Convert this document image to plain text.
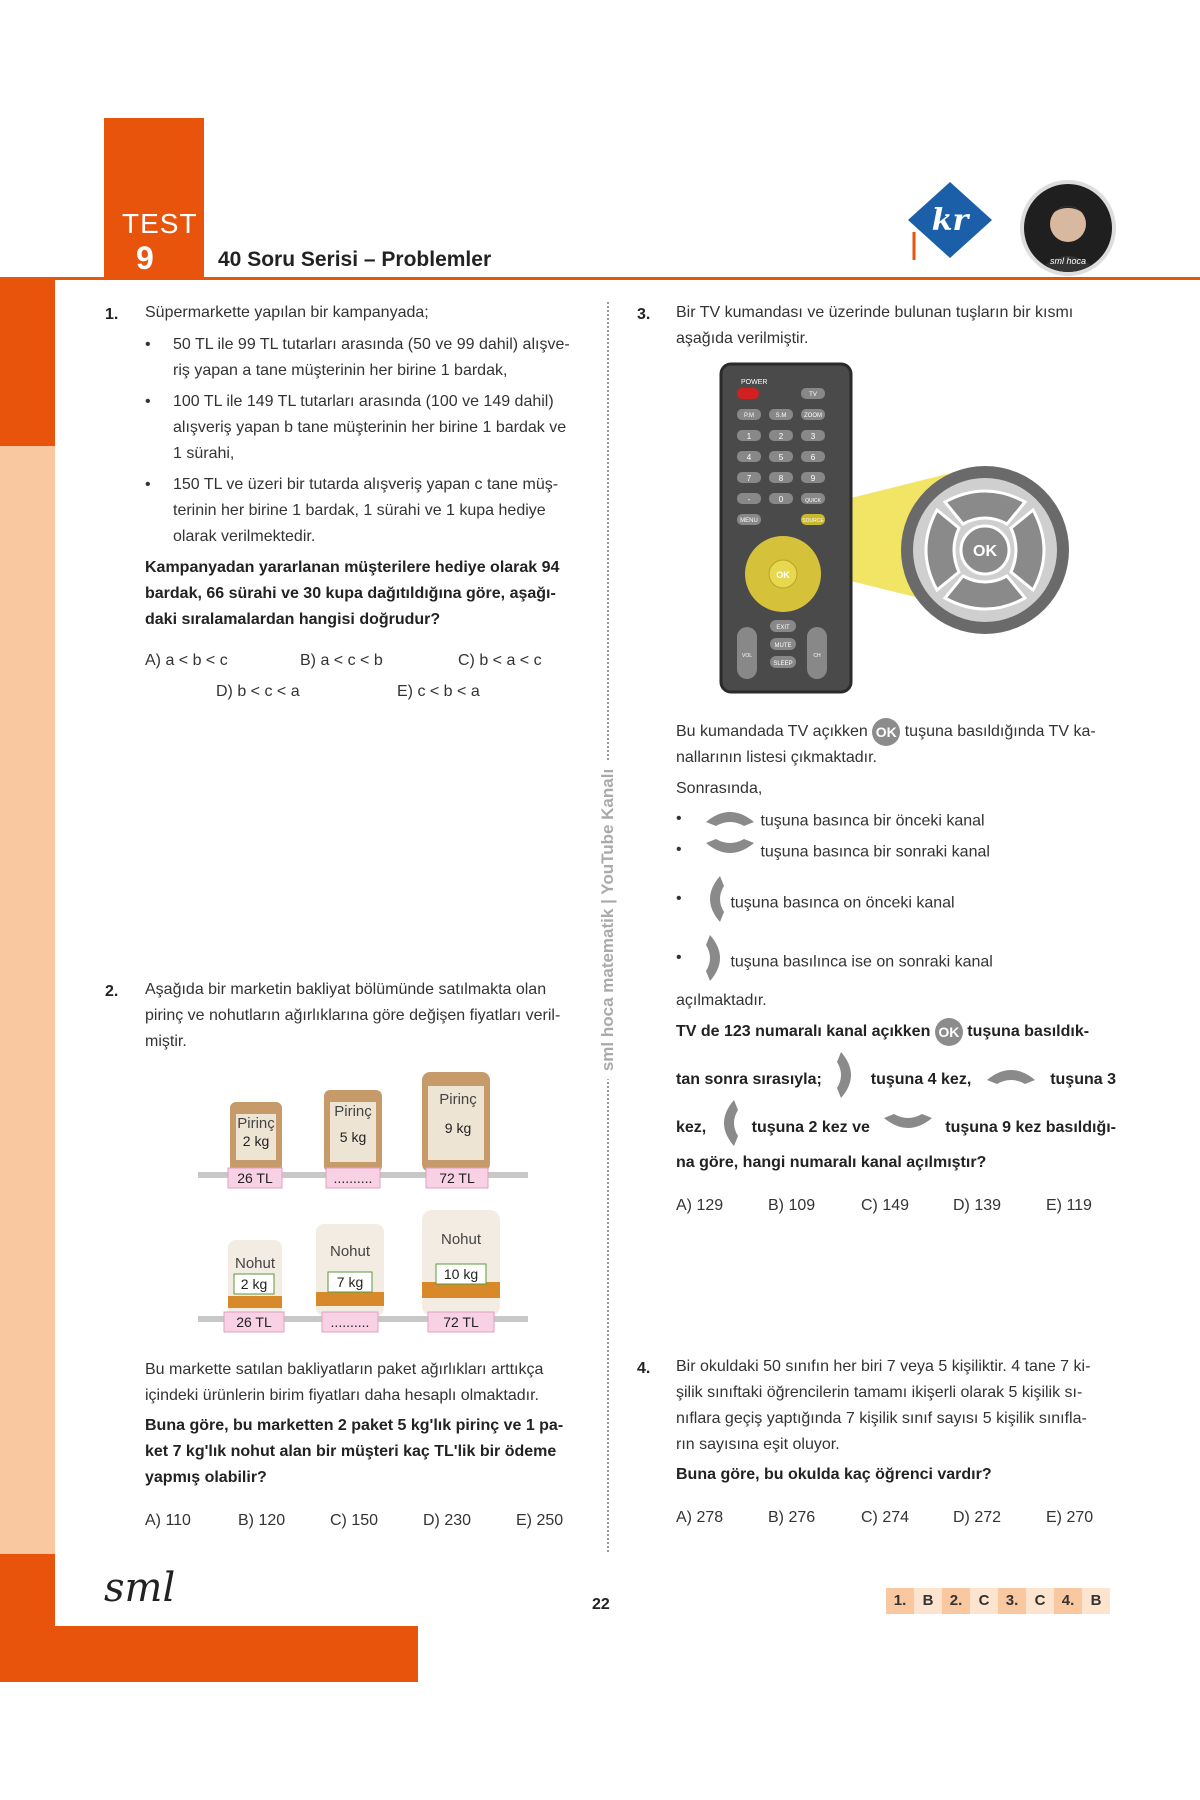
TEST
9	40 Soru Serisi – Problemler
kr
sml hoca
sml hoca matematik | YouTube Kanalı
1. Süpermarkette yapılan bir kampanyada;
• 50 TL ile 99 TL tutarları arasında (50 ve 99 dahil) alışve-
riş yapan a tane müşterinin her birine 1 bardak,
• 100 TL ile 149 TL tutarları arasında (100 ve 149 dahil)
alışveriş yapan b tane müşterinin her birine 1 bardak ve
1 sürahi,
• 150 TL ve üzeri bir tutarda alışveriş yapan c tane müş-
terinin her birine 1 bardak, 1 sürahi ve 1 kupa hediye
olarak verilmektedir.
Kampanyadan yararlanan müşterilere hediye olarak 94
bardak, 66 sürahi ve 30 kupa dağıtıldığına göre, aşağı-
daki sıralamalardan hangisi doğrudur?
A) a < b < c	B) a < c < b	C) b < a < c
D) b < c < a	E) c < b < a
2. Aşağıda bir marketin bakliyat bölümünde satılmakta olan
pirinç ve nohutların ağırlıklarına göre değişen fiyatları veril-
miştir.
Pirinç
2 kg
Pirinç
5 kg
Pirinç
9 kg
26 TL	..........	72 TL
Nohut
2 kg
Nohut
7 kg
Nohut
10 kg
26 TL	..........	72 TL
Bu markette satılan bakliyatların paket ağırlıkları arttıkça
içindeki ürünlerin birim fiyatları daha hesaplı olmaktadır.
Buna göre, bu marketten 2 paket 5 kg'lık pirinç ve 1 pa-
ket 7 kg'lık nohut alan bir müşteri kaç TL'lik bir ödeme
yapmış olabilir?
A) 110	B) 120	C) 150	D) 230	E) 250
3. Bir TV kumandası ve üzerinde bulunan tuşların bir kısmı
aşağıda verilmiştir.
POWER
TV
P.M	S.M	ZOOM
1	2	3
4	5	6
7	8	9
-	0	QUICK
MENU	SOURCE
OK
EXIT
MUTE
SLEEP
VOL	CH
OK
Bu kumandada TV açıkken OK tuşuna basıldığında TV ka-
nallarının listesi çıkmaktadır.
Sonrasında,
•	tuşuna basınca bir önceki kanal
•	tuşuna basınca bir sonraki kanal
•	tuşuna basınca on önceki kanal
•	tuşuna basılınca ise on sonraki kanal
açılmaktadır.
TV de 123 numaralı kanal açıkken OK tuşuna basıldık-
tan sonra sırasıyla;	tuşuna 4 kez,	tuşuna 3
kez,	tuşuna 2 kez ve	tuşuna 9 kez basıldığı-
na göre, hangi numaralı kanal açılmıştır?
A) 129	B) 109	C) 149	D) 139	E) 119
4. Bir okuldaki 50 sınıfın her biri 7 veya 5 kişiliktir. 4 tane 7 ki-
şilik sınıftaki öğrencilerin tamamı ikişerli olarak 5 kişilik sı-
nıflara geçiş yaptığında 7 kişilik sınıf sayısı 5 kişilik sınıfla-
rın sayısına eşit oluyor.
Buna göre, bu okulda kaç öğrenci vardır?
A) 278	B) 276	C) 274	D) 272	E) 270
sml	22	1.	B	2.	C	3.	C	4.	B
